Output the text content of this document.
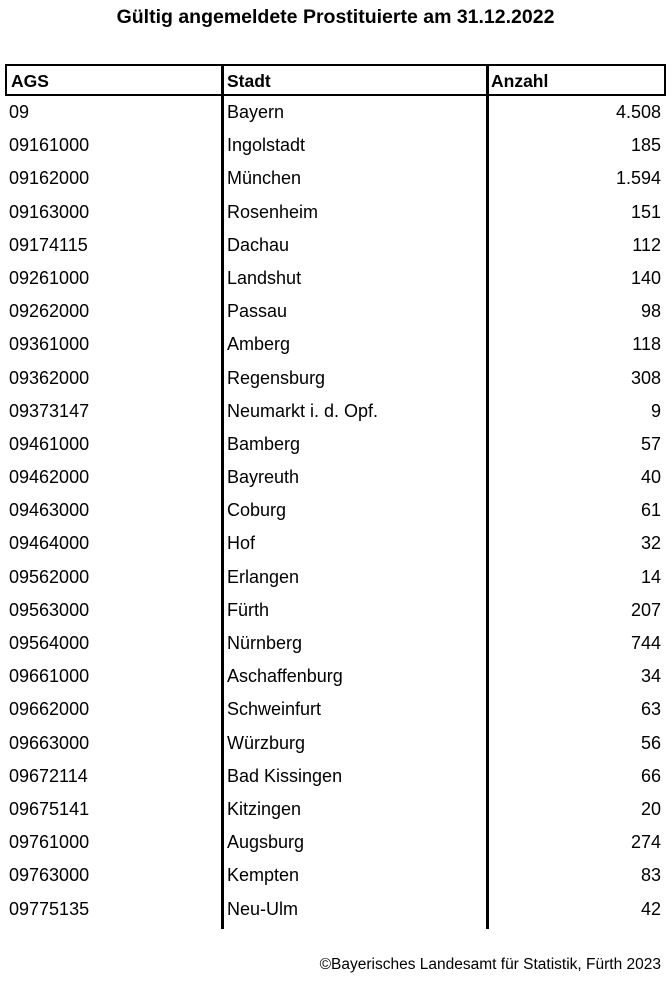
Gültig angemeldete Prostituierte am 31.12.2022
AGS	Stadt	Anzahl
09	Bayern	4.508
09161000	Ingolstadt	185
09162000	München	1.594
09163000	Rosenheim	151
09174115	Dachau	112
09261000	Landshut	140
09262000	Passau	98
09361000	Amberg	118
09362000	Regensburg	308
09373147	Neumarkt i. d. Opf.	9
09461000	Bamberg	57
09462000	Bayreuth	40
09463000	Coburg	61
09464000	Hof	32
09562000	Erlangen	14
09563000	Fürth	207
09564000	Nürnberg	744
09661000	Aschaffenburg	34
09662000	Schweinfurt	63
09663000	Würzburg	56
09672114	Bad Kissingen	66
09675141	Kitzingen	20
09761000	Augsburg	274
09763000	Kempten	83
09775135	Neu-Ulm	42
©Bayerisches Landesamt für Statistik, Fürth 2023
